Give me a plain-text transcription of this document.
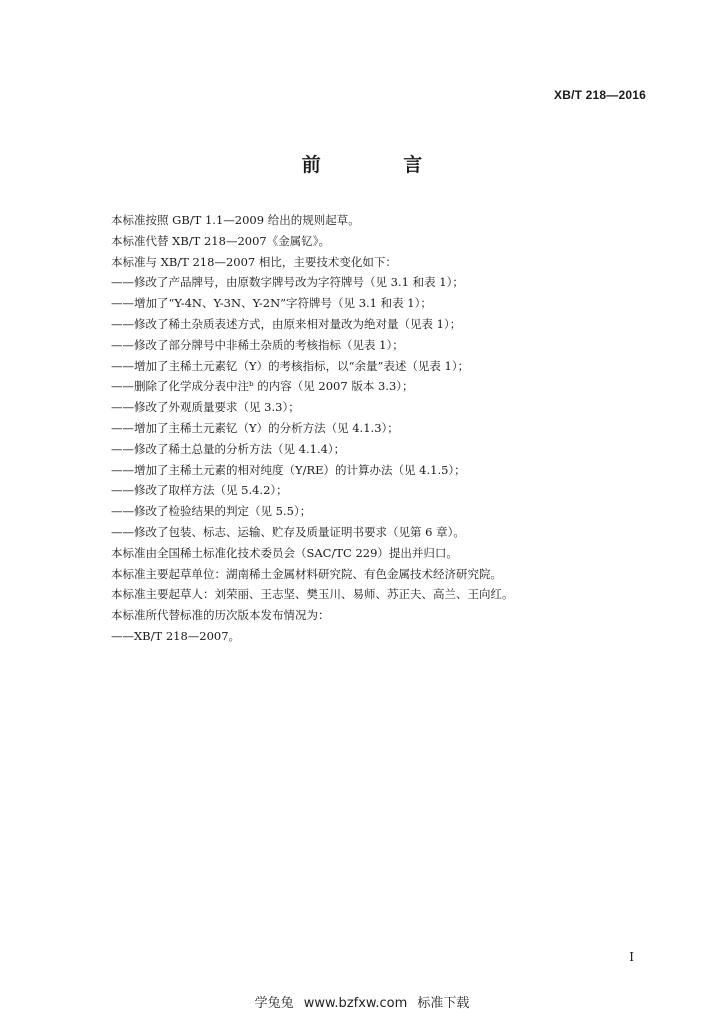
XB/T 218—2016
前 言
本标准按照 GB/T 1.1—2009 给出的规则起草。
本标准代替 XB/T 218—2007《金属钇》。
本标准与 XB/T 218—2007 相比，主要技术变化如下：
——修改了产品牌号，由原数字牌号改为字符牌号（见 3.1 和表 1）；
——增加了“Y-4N、Y-3N、Y-2N”字符牌号（见 3.1 和表 1）；
——修改了稀土杂质表述方式，由原来相对量改为绝对量（见表 1）；
——修改了部分牌号中非稀土杂质的考核指标（见表 1）；
——增加了主稀土元素钇（Y）的考核指标，以“余量”表述（见表 1）；
——删除了化学成分表中注ᵇ 的内容（见 2007 版本 3.3）；
——修改了外观质量要求（见 3.3）；
——增加了主稀土元素钇（Y）的分析方法（见 4.1.3）；
——修改了稀土总量的分析方法（见 4.1.4）；
——增加了主稀土元素的相对纯度（Y/RE）的计算办法（见 4.1.5）；
——修改了取样方法（见 5.4.2）；
——修改了检验结果的判定（见 5.5）；
——修改了包装、标志、运输、贮存及质量证明书要求（见第 6 章）。
本标准由全国稀土标准化技术委员会（SAC/TC 229）提出并归口。
本标准主要起草单位：湖南稀土金属材料研究院、有色金属技术经济研究院。
本标准主要起草人：刘荣丽、王志坚、樊玉川、易师、苏正夫、高兰、王向红。
本标准所代替标准的历次版本发布情况为：
——XB/T 218—2007。
I
学兔兔 www.bzfxw.com 标准下载
